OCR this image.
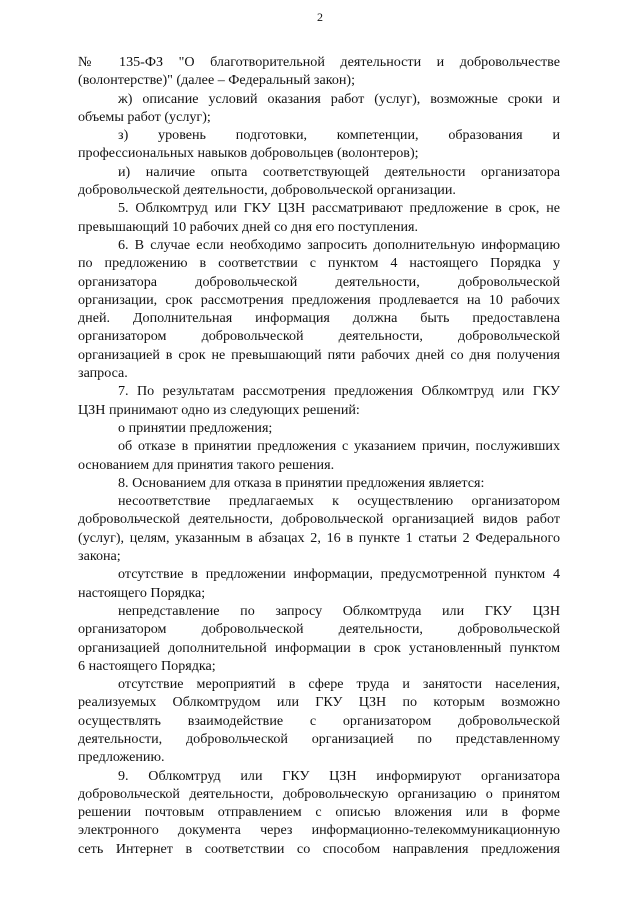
2
№ 135-ФЗ "О благотворительной деятельности и добровольчестве
(волонтерстве)" (далее – Федеральный закон);
ж) описание условий оказания работ (услуг), возможные сроки и
объемы работ (услуг);
з) уровень подготовки, компетенции, образования и
профессиональных навыков добровольцев (волонтеров);
и) наличие опыта соответствующей деятельности организатора
добровольческой деятельности, добровольческой организации.
5. Облкомтруд или ГКУ ЦЗН рассматривают предложение в срок, не
превышающий 10 рабочих дней со дня его поступления.
6. В случае если необходимо запросить дополнительную информацию
по предложению в соответствии с пунктом 4 настоящего Порядка у
организатора добровольческой деятельности, добровольческой
организации, срок рассмотрения предложения продлевается на 10 рабочих
дней. Дополнительная информация должна быть предоставлена
организатором добровольческой деятельности, добровольческой
организацией в срок не превышающий пяти рабочих дней со дня получения
запроса.
7. По результатам рассмотрения предложения Облкомтруд или ГКУ
ЦЗН принимают одно из следующих решений:
о принятии предложения;
об отказе в принятии предложения с указанием причин, послуживших
основанием для принятия такого решения.
8. Основанием для отказа в принятии предложения является:
несоответствие предлагаемых к осуществлению организатором
добровольческой деятельности, добровольческой организацией видов работ
(услуг), целям, указанным в абзацах 2, 16 в пункте 1 статьи 2 Федерального
закона;
отсутствие в предложении информации, предусмотренной пунктом 4
настоящего Порядка;
непредставление по запросу Облкомтруда или ГКУ ЦЗН
организатором добровольческой деятельности, добровольческой
организацией дополнительной информации в срок установленный пунктом
6 настоящего Порядка;
отсутствие мероприятий в сфере труда и занятости населения,
реализуемых Облкомтрудом или ГКУ ЦЗН по которым возможно
осуществлять взаимодействие с организатором добровольческой
деятельности, добровольческой организацией по представленному
предложению.
9. Облкомтруд или ГКУ ЦЗН информируют организатора
добровольческой деятельности, добровольческую организацию о принятом
решении почтовым отправлением с описью вложения или в форме
электронного документа через информационно-телекоммуникационную
сеть Интернет в соответствии со способом направления предложения
